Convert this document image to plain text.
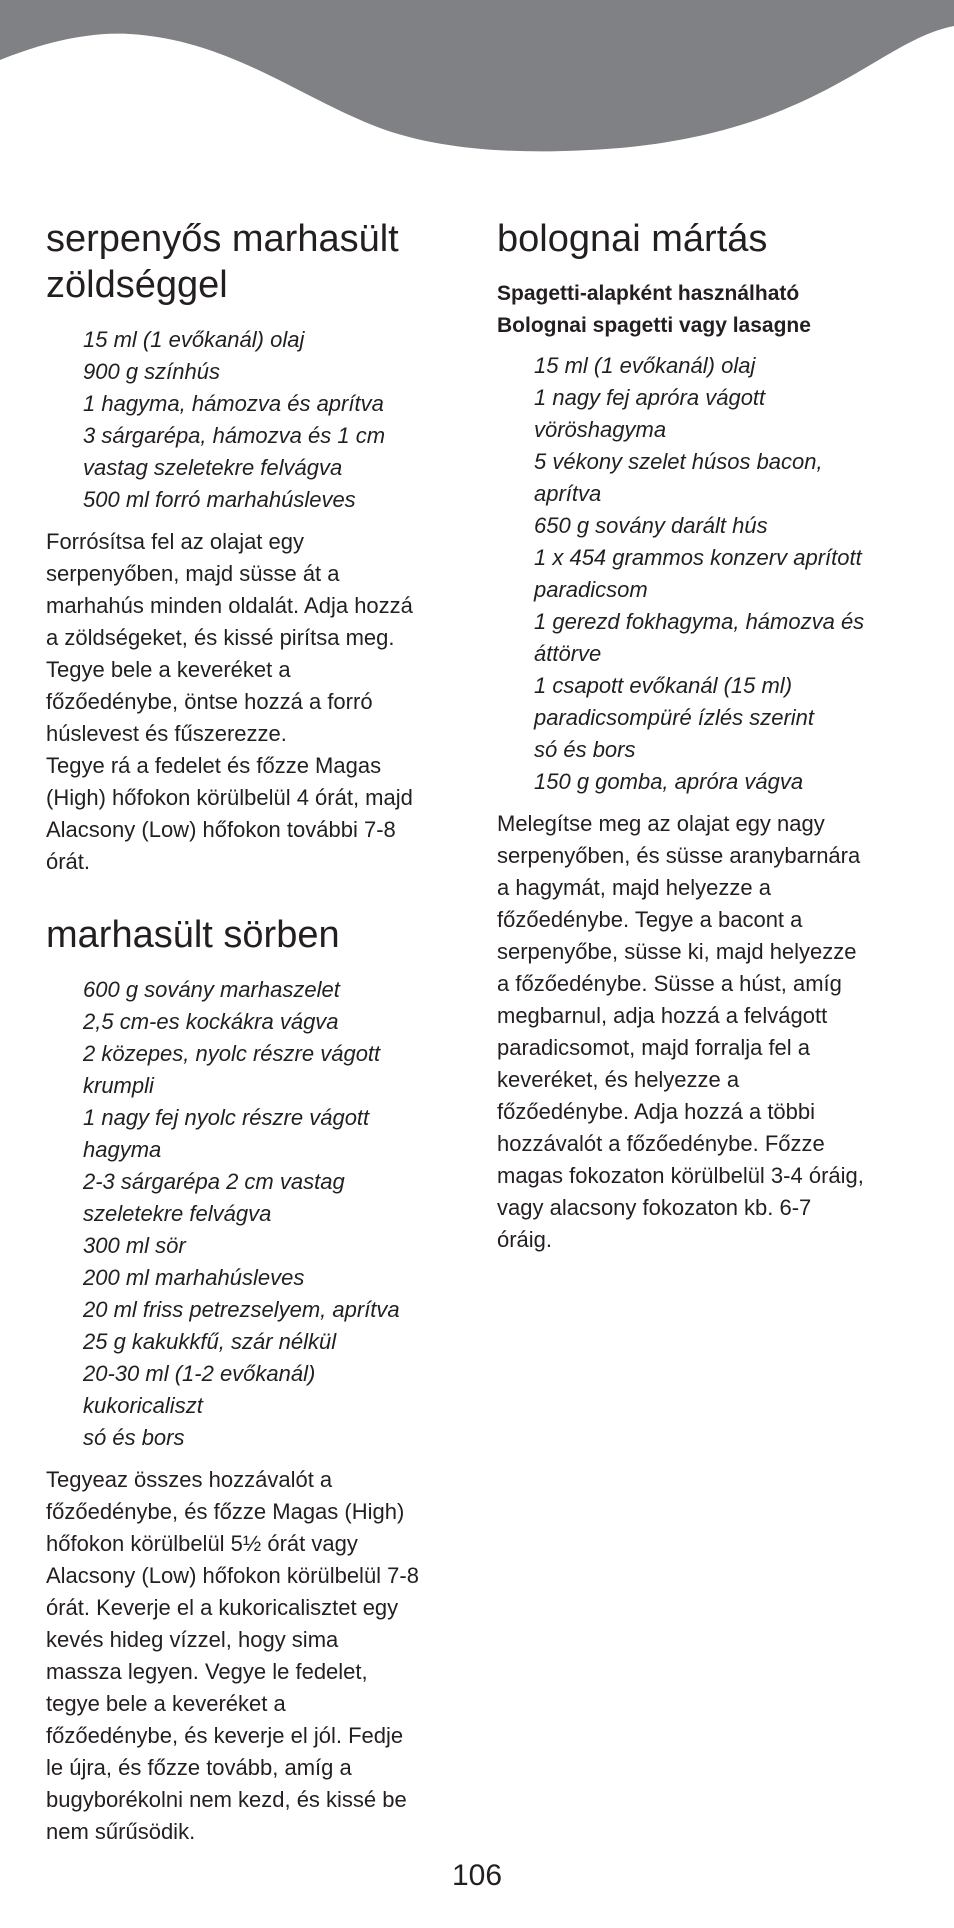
serpenyős marhasült
zöldséggel
15 ml (1 evőkanál) olaj
900 g színhús
1 hagyma, hámozva és aprítva
3 sárgarépa, hámozva és 1 cm
vastag szeletekre felvágva
500 ml forró marhahúsleves

Forrósítsa fel az olajat egy
serpenyőben, majd süsse át a
marhahús minden oldalát. Adja hozzá
a zöldségeket, és kissé pirítsa meg.
Tegye bele a keveréket a
főzőedénybe, öntse hozzá a forró
húslevest és fűszerezze.
Tegye rá a fedelet és főzze Magas
(High) hőfokon körülbelül 4 órát, majd
Alacsony (Low) hőfokon további 7-8
órát.

marhasült sörben
600 g sovány marhaszelet
2,5 cm-es kockákra vágva
2 közepes, nyolc részre vágott
krumpli
1 nagy fej nyolc részre vágott
hagyma
2-3 sárgarépa 2 cm vastag
szeletekre felvágva
300 ml sör
200 ml marhahúsleves
20 ml friss petrezselyem, aprítva
25 g kakukkfű, szár nélkül
20-30 ml (1-2 evőkanál)
kukoricaliszt
só és bors

Tegyeaz összes hozzávalót a
főzőedénybe, és főzze Magas (High)
hőfokon körülbelül 5½ órát vagy
Alacsony (Low) hőfokon körülbelül 7-8
órát. Keverje el a kukoricalisztet egy
kevés hideg vízzel, hogy sima
massza legyen. Vegye le fedelet,
tegye bele a keveréket a
főzőedénybe, és keverje el jól. Fedje
le újra, és főzze tovább, amíg a
bugyborékolni nem kezd, és kissé be
nem sűrűsödik.

bolognai mártás
Spagetti-alapként használható
Bolognai spagetti vagy lasagne
15 ml (1 evőkanál) olaj
1 nagy fej apróra vágott
vöröshagyma
5 vékony szelet húsos bacon,
aprítva
650 g sovány darált hús
1 x 454 grammos konzerv aprított
paradicsom
1 gerezd fokhagyma, hámozva és
áttörve
1 csapott evőkanál (15 ml)
paradicsompüré ízlés szerint
só és bors
150 g gomba, apróra vágva

Melegítse meg az olajat egy nagy
serpenyőben, és süsse aranybarnára
a hagymát, majd helyezze a
főzőedénybe. Tegye a bacont a
serpenyőbe, süsse ki, majd helyezze
a főzőedénybe. Süsse a húst, amíg
megbarnul, adja hozzá a felvágott
paradicsomot, majd forralja fel a
keveréket, és helyezze a
főzőedénybe. Adja hozzá a többi
hozzávalót a főzőedénybe. Főzze
magas fokozaton körülbelül 3-4 óráig,
vagy alacsony fokozaton kb. 6-7
óráig.

106
